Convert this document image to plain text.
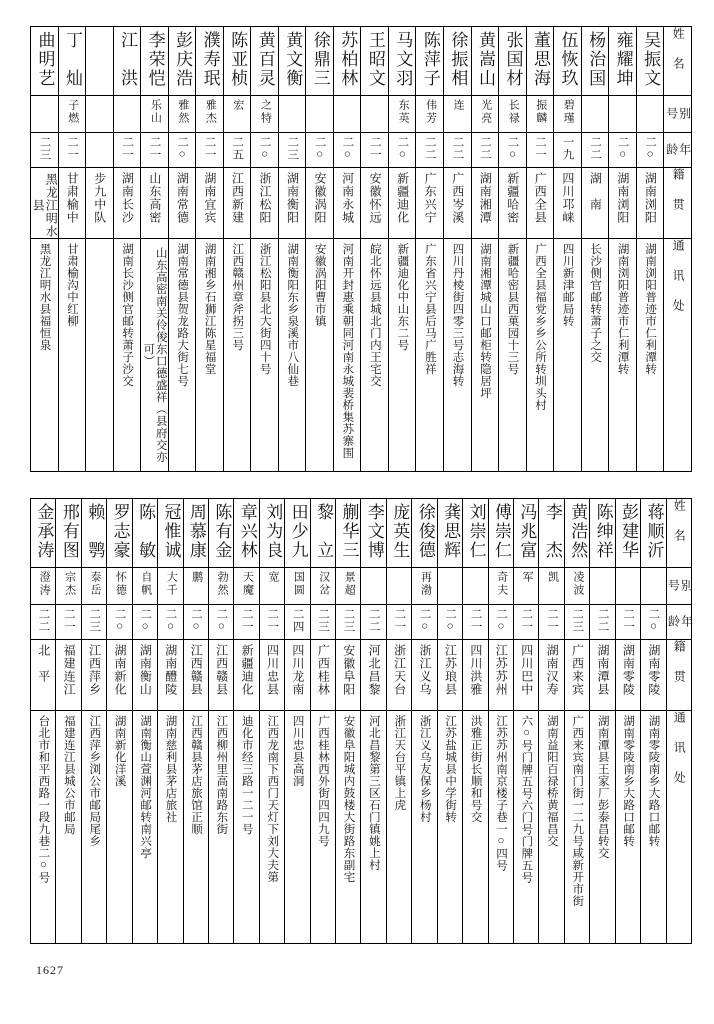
曲明艺	丁　灿		江　洪	李荣恺	彭庆浩	濮寿珉	陈亚桢	黄百灵	黄文衡	徐鼎三	苏柏林	王昭文	马文羽	陈萍子	徐振相	黄嵩山	张国材	董思海	伍恢玖	杨治国	雍耀坤	吴振文	姓　名

	子燃			乐山	雅然	雅杰	宏	之特					东英	伟芳	连	光亮	长禄	振麟	碧瑾				别　号

二三	二一		二一	二一	二○	二一	二五	二○	二三	二○	二○	二一	二○	二二	二二	二二	二○	二一	一九	二二	二○	二○	年　龄

黑龙江明水县	甘肃榆中	步九中队	湖南长沙	山东高密	湖南常德	湖南宜宾	江西新建	浙江松阳	湖南衡阳	安徽涡阳	河南永城	安徽怀远	新疆迪化	广东兴宁	广西岑溪	湖南湘潭	新疆哈密	广西全县	四川邛崃	湖　南	湖南浏阳	湖南浏阳	籍　贯

黑龙江明水县福恒泉	甘肃榆沟中红柳		湖南长沙侧官邮转萧子沙交	山东高密南关伶俊东口德盛祥（县府交亦可）	湖南常德县贺龙路大街七号	湖南湘乡石狮江陈星福堂	江西赣州章斧拐三号	浙江松阳县北大街四十号	湖南衡阳东乡泉溪市八仙巷	安徽涡阳曹市镇	河南开封惠乘朝同河南永城裴桥集苏寨围	皖北怀远县城北门内王宅交	新疆迪化中山东二号	广东省兴宁县后马广胜祥	四川丹棱街四零三号志海转	湖南湘潭城山口邮柜转隐居坪	新疆哈密县西菓园十三号	广西全县福党乡乡公所转圳头村	四川新津邮局转	长沙侧官邮转萧子之交	湖南浏阳普迹市仁利潭转	湖南浏阳普迹市仁利潭转	通　讯　处
金承涛	邢有图	赖　鹗	罗志豪	陈　敏	冠惟诚	周慕康	陈有金	章兴林	刘为良	田少九	黎　立	蒯华三	李文博	庞英生	徐俊德	龚思辉	刘崇仁	傅崇仁	冯兆富	李　杰	黄浩然	陈绅祥	彭建华	蒋顺沂	姓　名

澄涛	宗杰	泰岳	怀德	自帆	大千	鹏	勃然	天魔	宽	国圆	汉岔	景超			再渤			奇夫	军	凯	凌波				别　号

二二	二一	二三	二○	二○	二○	二○	二○	二一	二一	二四	二三	二三	二二	二一	二○	二○	二一	二○	二一	二一	二三	二二	二一	二○	年　龄

北　平	福建连江	江西萍乡	湖南新化	湖南衡山	湖南醴陵	江西赣县	江西赣县	新疆迪化	四川忠县	四川龙南	广西桂林	安徽阜阳	河北昌黎	浙江天台	浙江义乌	江苏琅县	四川洪雅	江苏苏州	四川巴中	湖南汉寿	广西来宾	湖南潭县	湖南零陵	湖南零陵	籍　贯

台北市和平西路一段九巷二○号	福建连江县城公市邮局	江西萍乡浏公市邮局尾乡	湖南新化洋溪	湖南衡山萱渊河邮转南兴亭	湖南慈利县茅店旅社	江西赣县茅店旅馆正顺	江西柳州里高南路东街	迪化市经三路一二一号	江西龙南下西门天灯下刘大夫第	四川忠县高洞	广西桂林西外街四四九号	安徽阜阳城内鼓楼大街路东副宅	河北昌黎第三区石门镇姚上村	浙江天台平镇上虎	浙江义乌友保乡杨村	江苏盐城县中学街转	洪雅正街长顺和号交	江苏苏州南京楼子巷一○四号	六○号门牌五号六门号门牌五号	湖南益阳百禄桥黄福昌交	广西来宾南门街一二九号咸新开市街	湖南潭县王家厂彭泰昌转交	湖南零陵南乡大路口邮转	湖南零陵南乡大路口邮转	通　讯　处
1627
